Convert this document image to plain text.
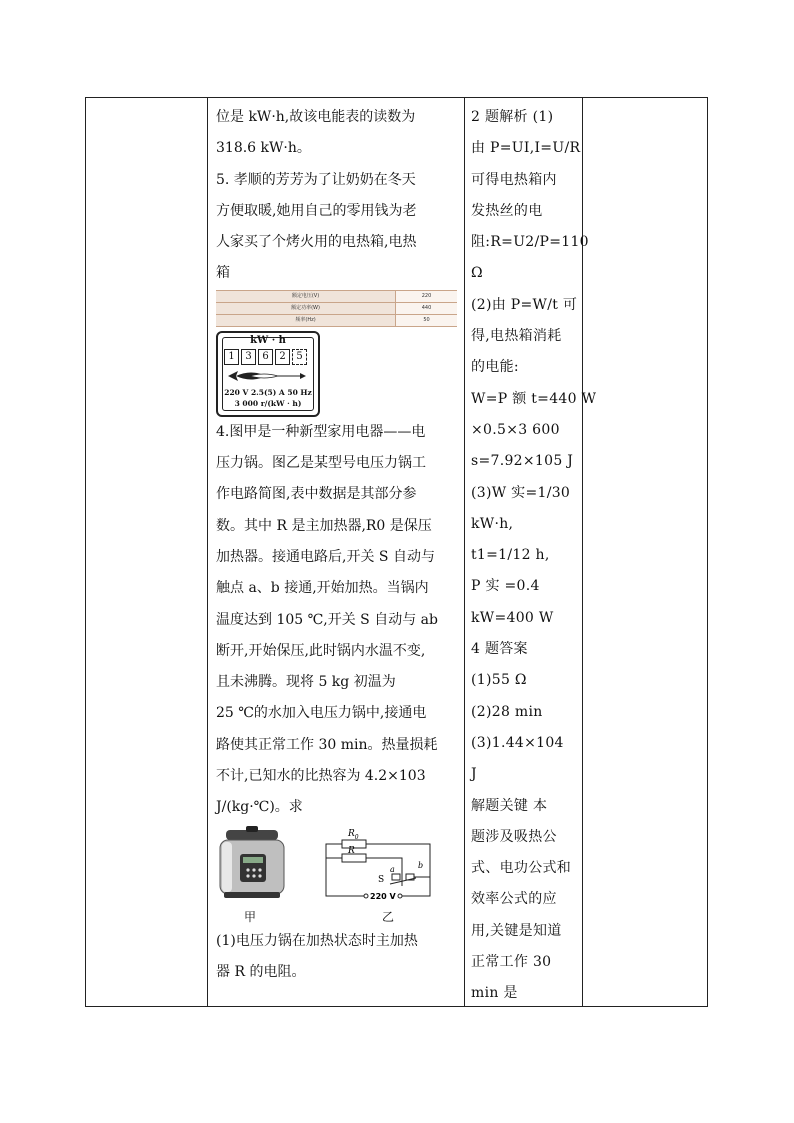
位是 kW·h,故该电能表的读数为
318.6 kW·h。
5. 孝顺的芳芳为了让奶奶在冬天
方便取暖,她用自己的零用钱为老
人家买了个烤火用的电热箱,电热
箱
额定电压(V)	220
额定功率(W)	440
频率(Hz)	50
kW · h
1	3	6	2	5
220 V 2.5(5) A 50 Hz
3 000 r/(kW · h)
4.图甲是一种新型家用电器——电
压力锅。图乙是某型号电压力锅工
作电路简图,表中数据是其部分参
数。其中 R 是主加热器,R0 是保压
加热器。接通电路后,开关 S 自动与
触点 a、b 接通,开始加热。当锅内
温度达到 105 ℃,开关 S 自动与 ab
断开,开始保压,此时锅内水温不变,
且未沸腾。现将 5 kg 初温为
25 ℃的水加入电压力锅中,接通电
路使其正常工作 30 min。热量损耗
不计,已知水的比热容为 4.2×103
J/(kg·℃)。求
甲
$R_0$
R
S
a	b
220 V
乙
(1)电压力锅在加热状态时主加热
器 R 的电阻。
2 题解析 (1)
由 P=UI,I=U/R
可得电热箱内
发热丝的电
阻:R=U2/P=110
Ω
(2)由 P=W/t 可
得,电热箱消耗
的电能:
W=P 额 t=440 W
×0.5×3 600
s=7.92×105 J
(3)W 实=1/30
kW·h,
t1=1/12 h,
P 实 =0.4
kW=400 W
4 题答案
(1)55 Ω
(2)28 min
(3)1.44×104
J
解题关键 本
题涉及吸热公
式、电功公式和
效率公式的应
用,关键是知道
正常工作 30
min 是
